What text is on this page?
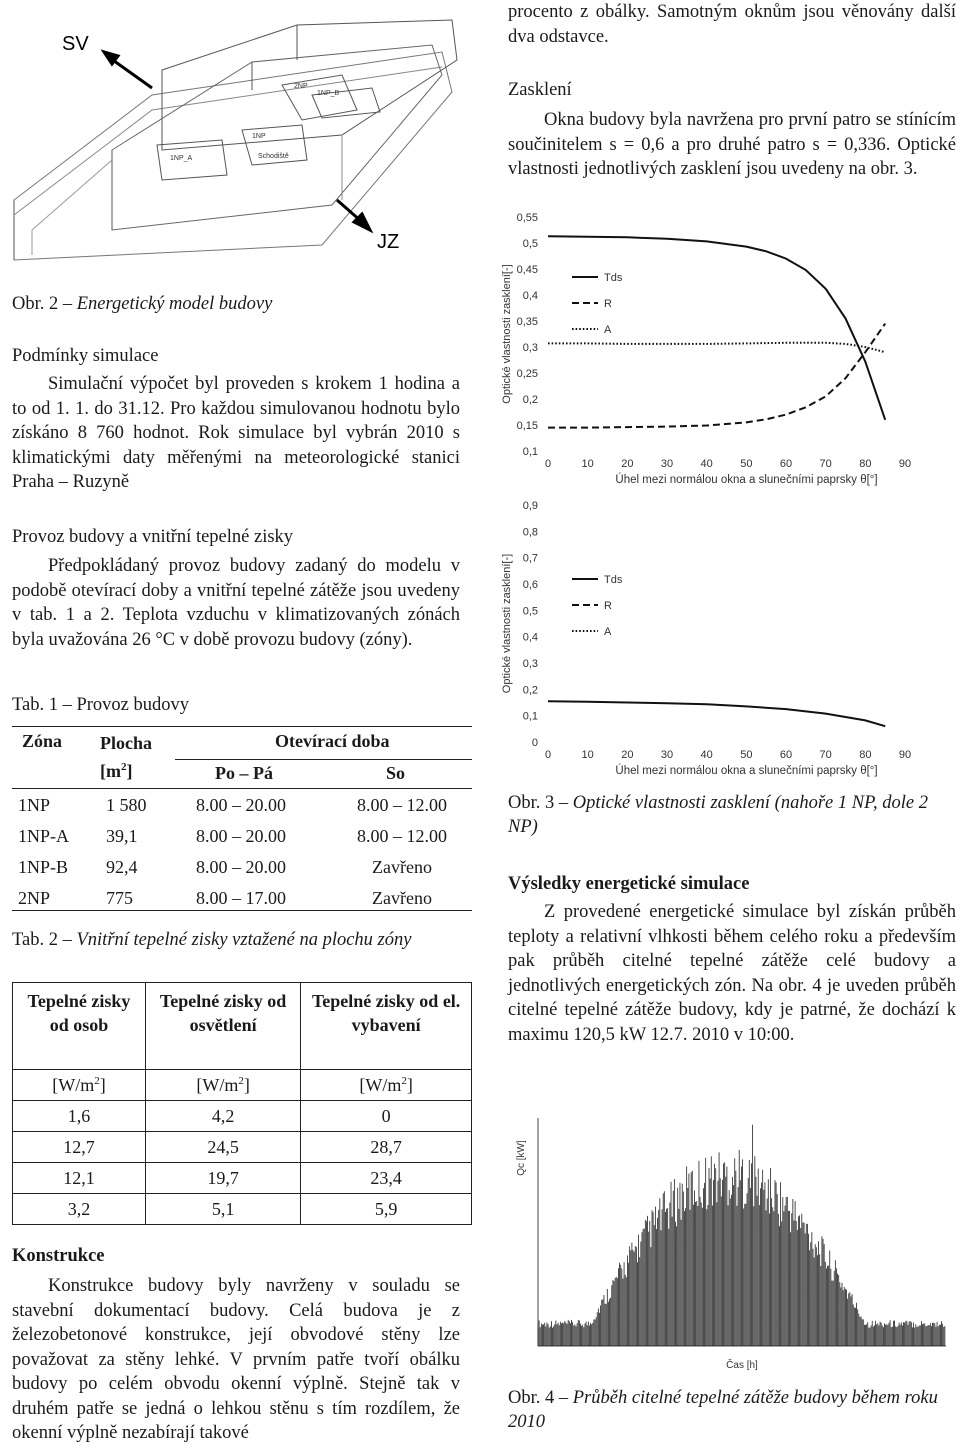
1NP_B
2NP
1NP
1NP_A	Schodiště
SV
JZ
Obr. 2 – Energetický model budovy
Podmínky simulace

Simulační výpočet byl proveden s krokem 1 hodina a to od 1. 1. do 31.12. Pro každou simulovanou hodnotu bylo získáno 8 760 hodnot. Rok simulace byl vybrán 2010 s klimatickými daty měřenými na meteorologické stanici Praha – Ruzyně

Provoz budovy a vnitřní tepelné zisky

Předpokládaný provoz budovy zadaný do modelu v podobě otevírací doby a vnitřní tepelné zátěže jsou uvedeny v tab. 1 a 2. Teplota vzduchu v klimatizovaných zónách byla uvažována 26 °C v době provozu budovy (zóny).

Tab. 1 – Provoz budovy
Zóna Plocha
$[m^2]$
Otevírací doba
Po – Pá	So
1NP	1 580	8.00 – 20.00	8.00 – 12.00
1NP-A	39,1	8.00 – 20.00	8.00 – 12.00
1NP-B	92,4	8.00 – 20.00	Zavřeno
2NP	775	8.00 – 17.00	Zavřeno
Tab. 2 – Vnitřní tepelné zisky vztažené na plochu zóny
Tepelné zisky od osob	Tepelné zisky od osvětlení	Tepelné zisky od el. vybavení
$[W/m^2]$	$[W/m^2]$	$[W/m^2]$
1,6	4,2	0
12,7	24,5	28,7
12,1	19,7	23,4
3,2	5,1	5,9
Konstrukce

Konstrukce budovy byly navrženy v souladu se stavební dokumentací budovy. Celá budova je z železobetonové konstrukce, její obvodové stěny lze považovat za stěny lehké. V prvním patře tvoří obálku budovy po celém obvodu okenní výplně. Stejně tak v druhém patře se jedná o lehkou stěnu s tím rozdílem, že okenní výplně nezabírají takové

procento z obálky. Samotným oknům jsou věnovány další dva odstavce.

Zasklení

Okna budovy byla navržena pro první patro se stínícím součinitelem s = 0,6 a pro druhé patro s = 0,336. Optické vlastnosti jednotlivých zasklení jsou uvedeny na obr. 3.

0,1
0,15
0,2
0,25
0,3
0,35
0,4
0,45
0,5
0,55
0	10 20 30 40 50 60 70 80 90
Úhel mezi normálou okna a slunečními paprsky θ[°]
Optické vlastnosti zasklení[-]	Tds
R
A
0
0,1
0,2
0,3
0,4
0,5
0,6
0,7
0,8
0,9
0	10 20 30 40 50 60 70 80 90
Úhel mezi normálou okna a slunečními paprsky θ[°]
Optické vlastnosti zasklení[-]	Tds
R
A
Obr. 3 – Optické vlastnosti zasklení (nahoře 1 NP, dole 2 NP)
Výsledky energetické simulace

Z provedené energetické simulace byl získán průběh teploty a relativní vlhkosti během celého roku a především pak průběh citelné tepelné zátěže celé budovy a jednotlivých energetických zón. Na obr. 4 je uveden průběh citelné tepelné zátěže budovy, kdy je patrné, že dochází k maximu 120,5 kW 12.7. 2010 v 10:00.

Qc [kW]
Čas [h]
Obr. 4 – Průběh citelné tepelné zátěže budovy během roku 2010
